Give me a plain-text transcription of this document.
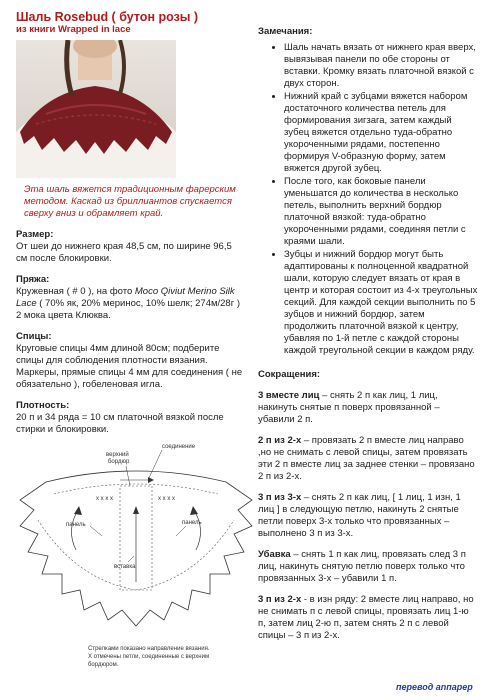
Шаль Rosebud ( бутон розы )
из книги Wrapped in lace
Эта шаль вяжется традиционным фарерским методом. Каскад из бриллиантов спускается сверху вниз и обрамляет край.
Размер:
От шеи до нижнего края 48,5 см, по ширине 96,5 см после блокировки.
Пряжа:
Кружевная ( # 0 ), на фото Moco Qiviut Merino Silk Lace ( 70% як, 20% меринос, 10% шелк; 274м/28г ) 2 мока цвета Клюква.
Спицы:
Круговые спицы 4мм длиной 80см; подберите спицы для соблюдения плотности вязания. Маркеры, прямые спицы 4 мм для соединения ( не обязательно ), гобеленовая игла.
Плотность:
20 п и 34 ряда = 10 см платочной вязкой после стирки и блокировки.
x x x x	x x x x
соединение
верхний
бордюр
панель	панель
вставка
Стрелками показано направление вязания.
Х отмечены петли, соединенные с верхним
бордюром.
Замечания:
• Шаль начать вязать от нижнего края вверх, вывязывая панели по обе стороны от вставки. Кромку вязать платочной вязкой с двух сторон.
• Нижний край с зубцами вяжется набором достаточного количества петель для формирования зигзага, затем каждый зубец вяжется отдельно туда-обратно укороченными рядами, постепенно формируя V-образную форму, затем вяжется другой зубец.
• После того, как боковые панели уменьшатся до количества в несколько петель, выполнить верхний бордюр платочной вязкой: туда-обратно укороченными рядами, соединяя петли с краями шали.
• Зубцы и нижний бордюр могут быть адаптированы к полноценной квадратной шали, которую следует вязать от края в центр и которая состоит из 4-х треугольных секций. Для каждой секции выполнить по 5 зубцов и нижний бордюр, затем продолжить платочной вязкой к центру, убавляя по 1-й петле с каждой стороны каждой треугольной секции в каждом ряду.
Сокращения:
3 вместе лиц – снять 2 п как лиц, 1 лиц, накинуть снятые п поверх провязанной – убавили 2 п.
2 п из 2-х – провязать 2 п вместе лиц направо ,но не снимать с левой спицы, затем провязать эти 2 п вместе лиц за заднее стенки – провязано 2 п из 2-х.
3 п из 3-х – снять 2 п как лиц, [ 1 лиц, 1 изн, 1 лиц ] в следующую петлю, накинуть 2 снятые петли поверх 3-х только что провязанных – выполнено 3 п из 3-х.
Убавка – снять 1 п как лиц, провязать след 3 п лиц, накинуть снятую петлю поверх только что провязанных 3-х – убавили 1 п.
3 п из 2-х - в изн ряду: 2 вместе лиц направо, но не снимать п с левой спицы, провязать лиц 1-ю п, затем лиц 2-ю п, затем снять 2 п с левой спицы – 3 п из 2-х.
перевод anпapeр
